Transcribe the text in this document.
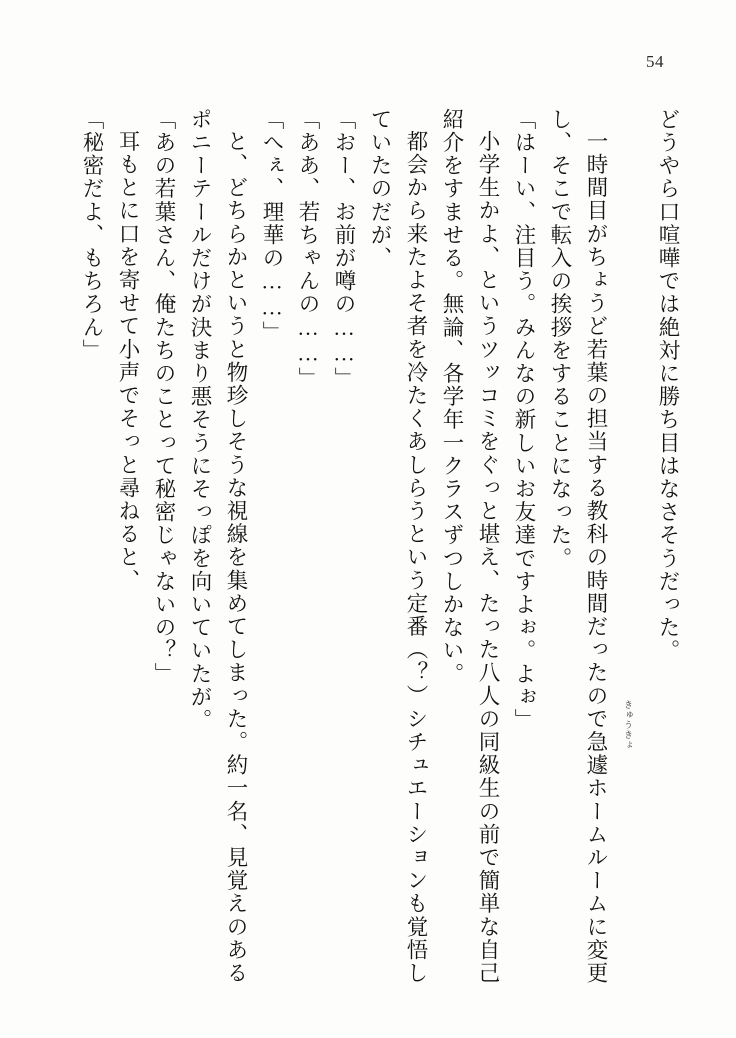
54
どうやら口喧嘩では絶対に勝ち目はなさそうだった。
一時間目がちょうど若葉の担当する教科の時間だったので急遽ホームルームに変更
し、そこで転入の挨拶をすることになった。
「はーい、注目う。みんなの新しいお友達ですよぉ。よぉ」
小学生かよ、というツッコミをぐっと堪え、たった八人の同級生の前で簡単な自己
紹介をすませる。無論、各学年一クラスずつしかない。
都会から来たよそ者を冷たくあしらうという定番（？）シチュエーションも覚悟し
ていたのだが、
「おー、お前が噂の……」
「ああ、若ちゃんの……」
「へぇ、理華の……」
と、どちらかというと物珍しそうな視線を集めてしまった。約一名、見覚えのある
ポニーテールだけが決まり悪そうにそっぽを向いていたが。
「あの若葉さん、俺たちのことって秘密じゃないの？」
耳もとに口を寄せて小声でそっと尋ねると、
「秘密だよ、もちろん」
きゅうきょ
